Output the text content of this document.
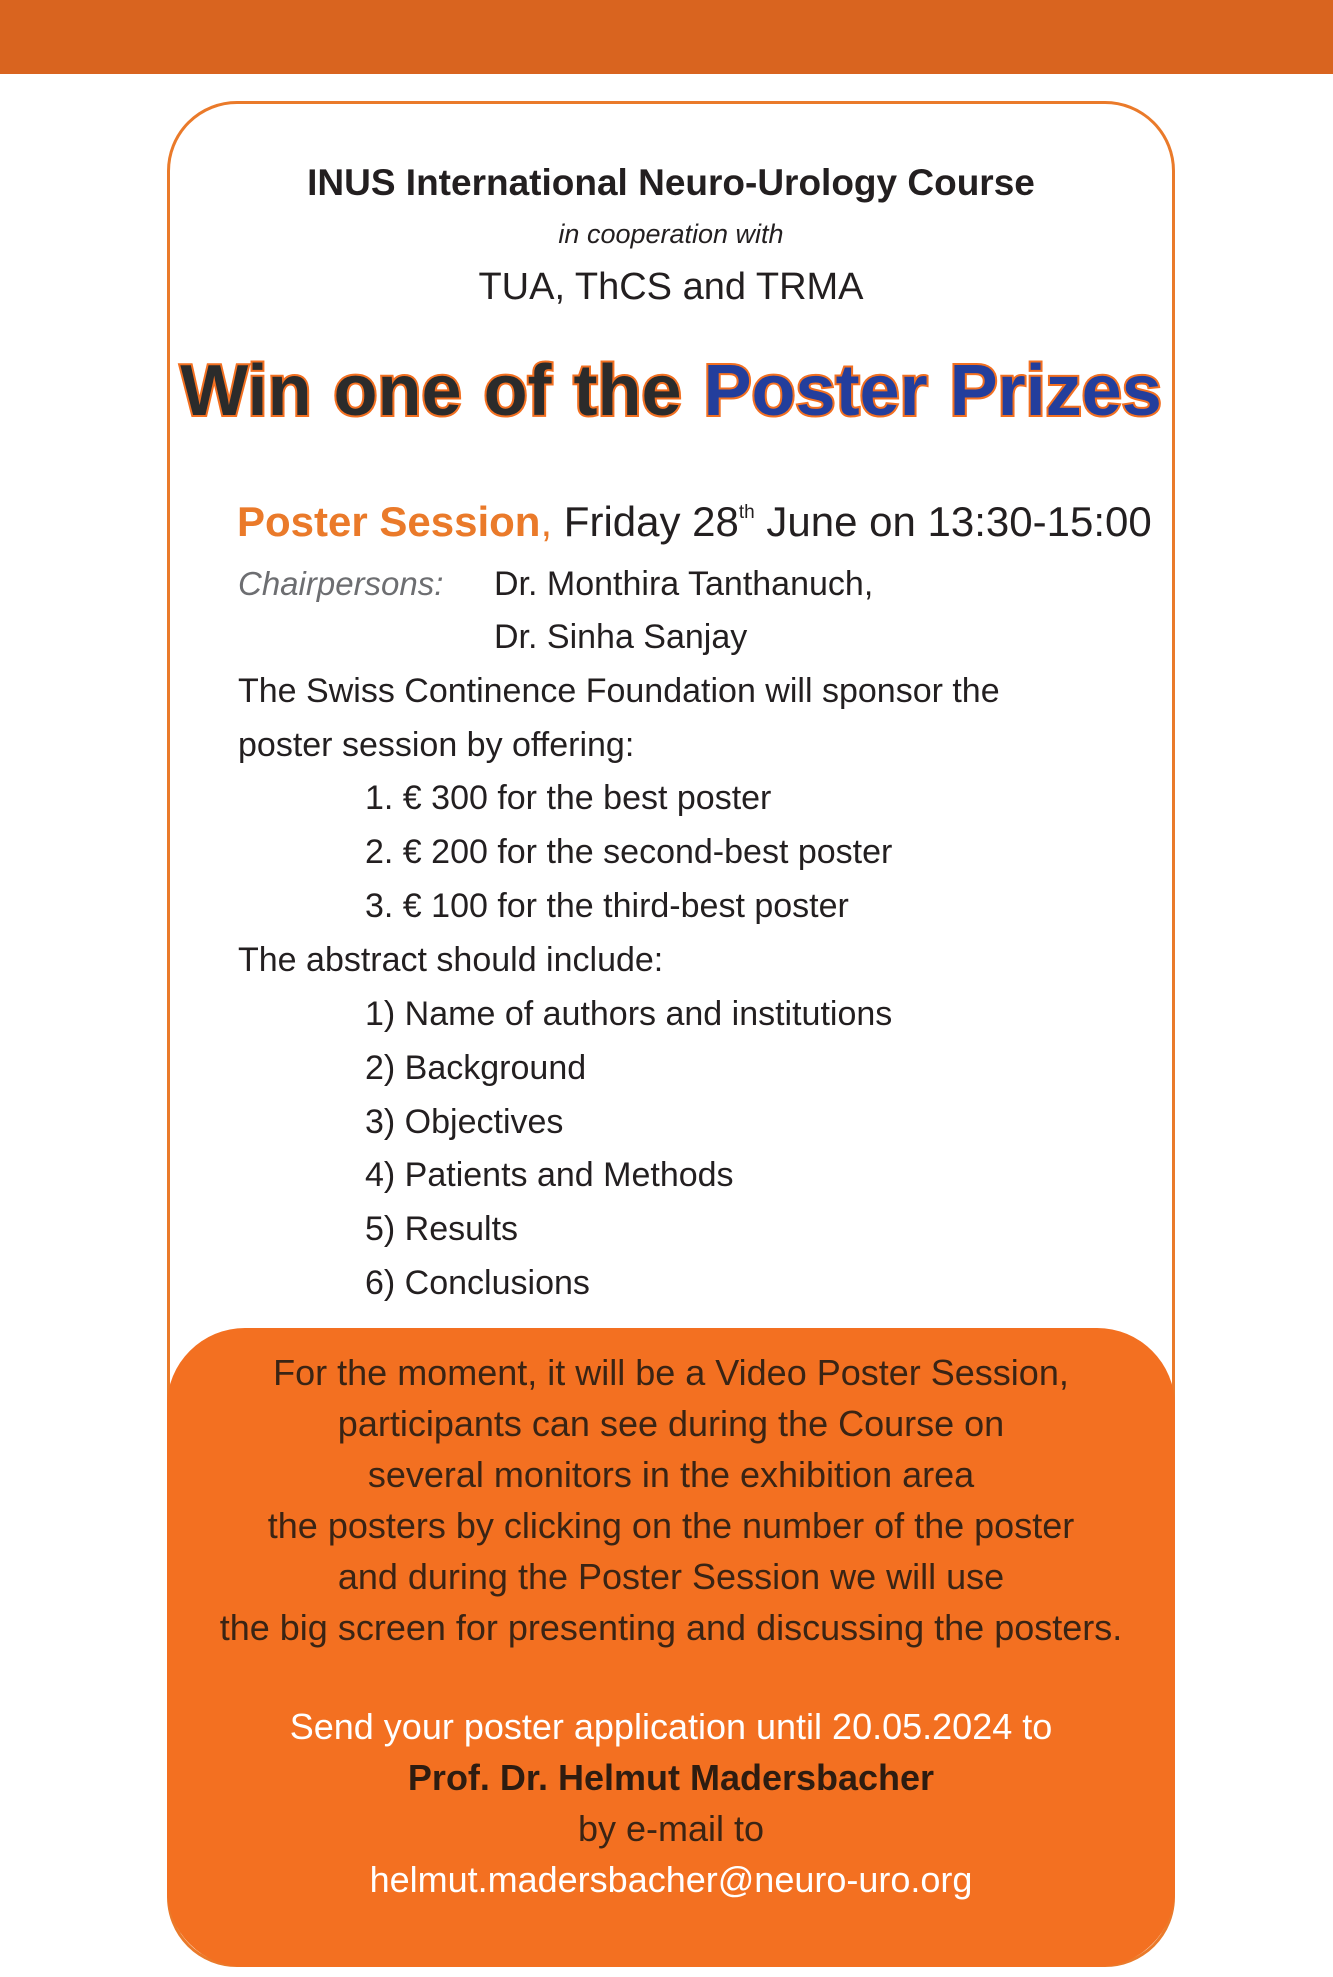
INUS International Neuro-Urology Course
in cooperation with
TUA, ThCS and TRMA
Win one of the Poster Prizes
Poster Session, Friday 28th June on 13:30-15:00
Chairpersons: Dr. Monthira Tanthanuch,
Dr. Sinha Sanjay
The Swiss Continence Foundation will sponsor the
poster session by offering:
1. € 300 for the best poster
2. € 200 for the second-best poster
3. € 100 for the third-best poster
The abstract should include:
1) Name of authors and institutions
2) Background
3) Objectives
4) Patients and Methods
5) Results
6) Conclusions
For the moment, it will be a Video Poster Session,
participants can see during the Course on
several monitors in the exhibition area
the posters by clicking on the number of the poster
and during the Poster Session we will use
the big screen for presenting and discussing the posters.
Send your poster application until 20.05.2024 to
Prof. Dr. Helmut Madersbacher
by e-mail to
helmut.madersbacher@neuro-uro.org
